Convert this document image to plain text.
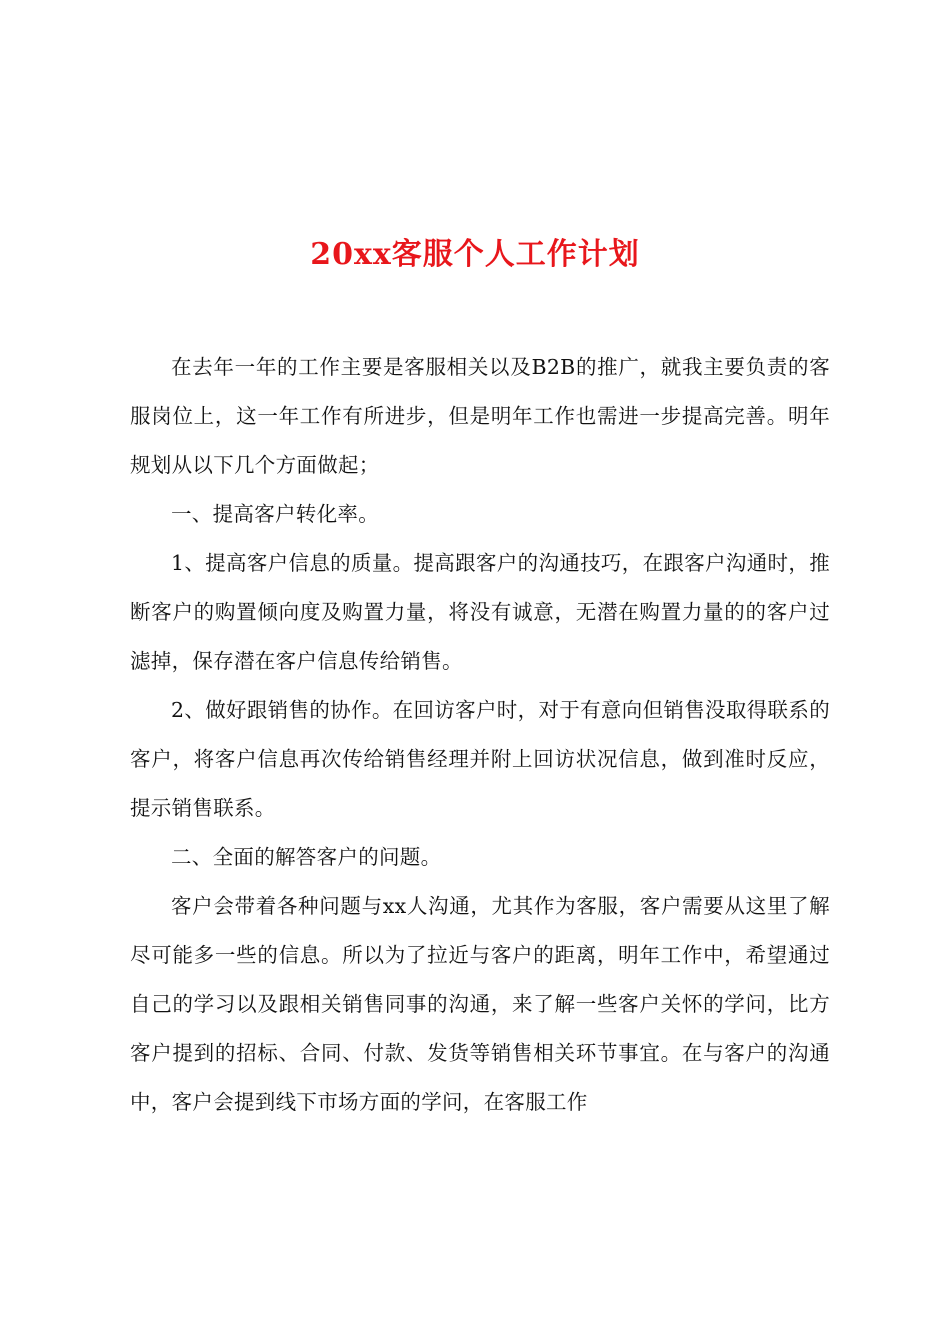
20xx客服个人工作计划

在去年一年的工作主要是客服相关以及B2B的推广，就我主要负责的客服岗位上，这一年工作有所进步，但是明年工作也需进一步提高完善。明年规划从以下几个方面做起；

一、提高客户转化率。

1、提高客户信息的质量。提高跟客户的沟通技巧，在跟客户沟通时，推断客户的购置倾向度及购置力量，将没有诚意，无潜在购置力量的的客户过滤掉，保存潜在客户信息传给销售。

2、做好跟销售的协作。在回访客户时，对于有意向但销售没取得联系的客户，将客户信息再次传给销售经理并附上回访状况信息，做到准时反应，提示销售联系。

二、全面的解答客户的问题。

客户会带着各种问题与xx人沟通，尤其作为客服，客户需要从这里了解尽可能多一些的信息。所以为了拉近与客户的距离，明年工作中，希望通过自己的学习以及跟相关销售同事的沟通，来了解一些客户关怀的学问，比方客户提到的招标、合同、付款、发货等销售相关环节事宜。在与客户的沟通中，客户会提到线下市场方面的学问，在客服工作
